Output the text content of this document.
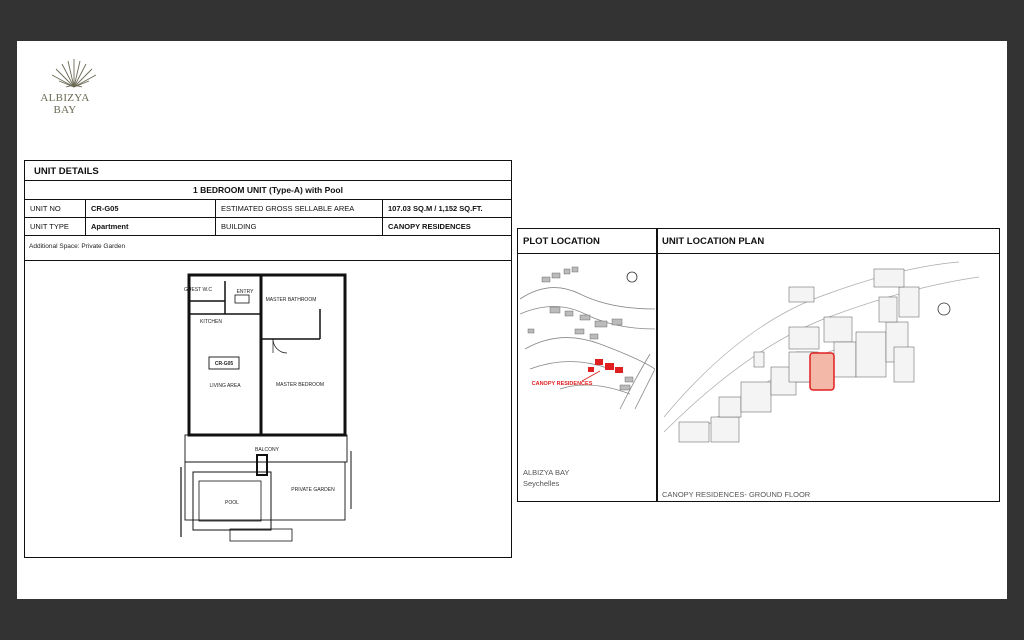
ALBIZYA BAY
UNIT DETAILS
1 BEDROOM UNIT (Type-A) with Pool
UNIT NO	CR-G05	ESTIMATED GROSS SELLABLE AREA	107.03 SQ.M / 1,152 SQ.FT.
UNIT TYPE	Apartment	BUILDING	CANOPY RESIDENCES
Additional Space: Private Garden
GUEST W.C	ENTRY
MASTER BATHROOM
KITCHEN
CR-G05
LIVING AREA	MASTER BEDROOM
BALCONY
PRIVATE GARDEN
POOL
PLOT LOCATION
CANOPY RESIDENCES
ALBIZYA BAY
Seychelles
UNIT LOCATION PLAN
CANOPY RESIDENCES- GROUND FLOOR
